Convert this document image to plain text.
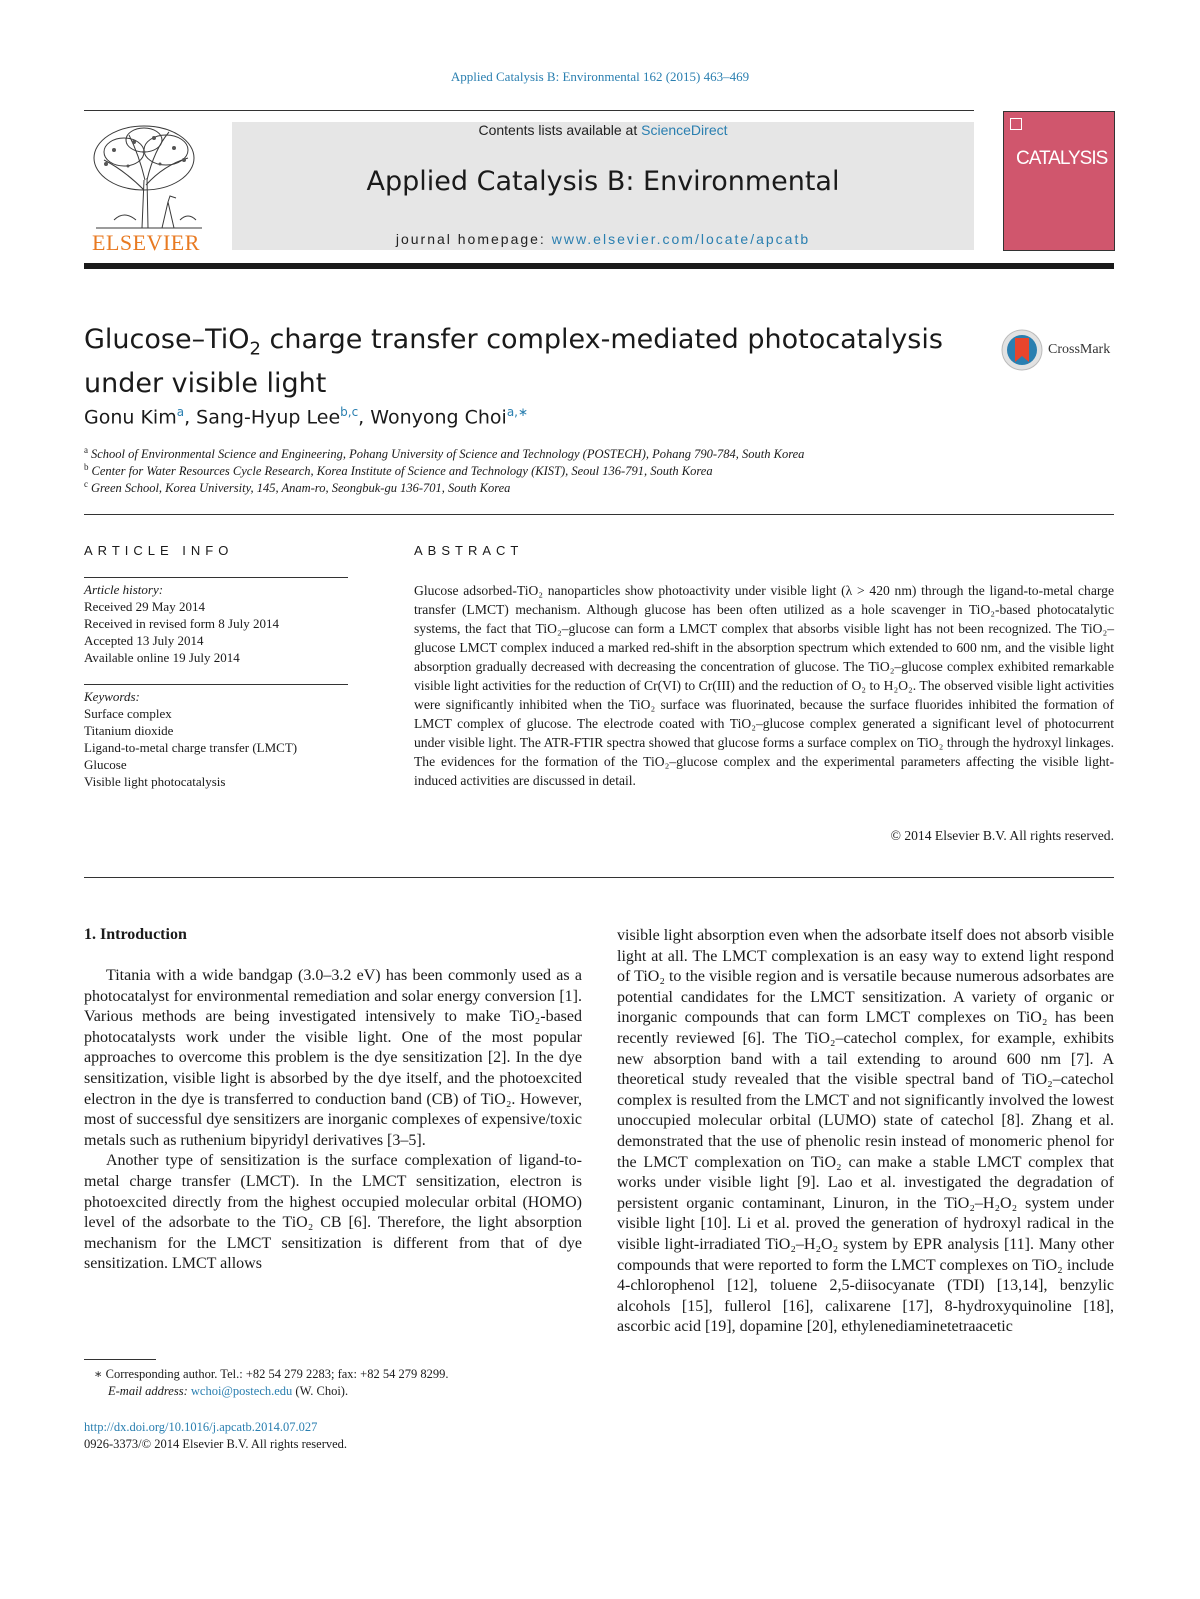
Applied Catalysis B: Environmental 162 (2015) 463–469
ELSEVIER
Contents lists available at ScienceDirect
Applied Catalysis B: Environmental
journal homepage: www.elsevier.com/locate/apcatb
CATALYSIS
Glucose–TiO$_2$ charge transfer complex-mediated photocatalysis
under visible light
CrossMark
Gonu Kim$^a$, Sang-Hyup Lee$^{b,c}$, Wonyong Choi$^{a,∗}$
$^a$ School of Environmental Science and Engineering, Pohang University of Science and Technology (POSTECH), Pohang 790-784, South Korea
$^b$ Center for Water Resources Cycle Research, Korea Institute of Science and Technology (KIST), Seoul 136-791, South Korea
$^c$ Green School, Korea University, 145, Anam-ro, Seongbuk-gu 136-701, South Korea
ARTICLE INFO
Article history:
Received 29 May 2014
Received in revised form 8 July 2014
Accepted 13 July 2014
Available online 19 July 2014
Keywords:
Surface complex
Titanium dioxide
Ligand-to-metal charge transfer (LMCT)
Glucose
Visible light photocatalysis
ABSTRACT
Glucose adsorbed-TiO₂ nanoparticles show photoactivity under visible light (λ > 420 nm) through the ligand-to-metal charge transfer (LMCT) mechanism. Although glucose has been often utilized as a hole scavenger in TiO₂-based photocatalytic systems, the fact that TiO₂–glucose can form a LMCT complex that absorbs visible light has not been recognized. The TiO₂–glucose LMCT complex induced a marked red-shift in the absorption spectrum which extended to 600 nm, and the visible light absorption gradually decreased with decreasing the concentration of glucose. The TiO₂–glucose complex exhibited remarkable visible light activities for the reduction of Cr(VI) to Cr(III) and the reduction of O₂ to H₂O₂. The observed visible light activities were significantly inhibited when the TiO₂ surface was fluorinated, because the surface fluorides inhibited the formation of LMCT complex of glucose. The electrode coated with TiO₂–glucose complex generated a significant level of photocurrent under visible light. The ATR-FTIR spectra showed that glucose forms a surface complex on TiO₂ through the hydroxyl linkages. The evidences for the formation of the TiO₂–glucose complex and the experimental parameters affecting the visible light-induced activities are discussed in detail.
© 2014 Elsevier B.V. All rights reserved.
1. Introduction

Titania with a wide bandgap (3.0–3.2 eV) has been commonly used as a photocatalyst for environmental remediation and solar energy conversion [1]. Various methods are being investigated intensively to make TiO₂-based photocatalysts work under the visible light. One of the most popular approaches to overcome this problem is the dye sensitization [2]. In the dye sensitization, visible light is absorbed by the dye itself, and the photoexcited electron in the dye is transferred to conduction band (CB) of TiO₂. However, most of successful dye sensitizers are inorganic complexes of expensive/toxic metals such as ruthenium bipyridyl derivatives [3–5].

Another type of sensitization is the surface complexation of ligand-to-metal charge transfer (LMCT). In the LMCT sensitization, electron is photoexcited directly from the highest occupied molecular orbital (HOMO) level of the adsorbate to the TiO₂ CB [6]. Therefore, the light absorption mechanism for the LMCT sensitization is different from that of dye sensitization. LMCT allows

visible light absorption even when the adsorbate itself does not absorb visible light at all. The LMCT complexation is an easy way to extend light respond of TiO₂ to the visible region and is versatile because numerous adsorbates are potential candidates for the LMCT sensitization. A variety of organic or inorganic compounds that can form LMCT complexes on TiO₂ has been recently reviewed [6]. The TiO₂–catechol complex, for example, exhibits new absorption band with a tail extending to around 600 nm [7]. A theoretical study revealed that the visible spectral band of TiO₂–catechol complex is resulted from the LMCT and not significantly involved the lowest unoccupied molecular orbital (LUMO) state of catechol [8]. Zhang et al. demonstrated that the use of phenolic resin instead of monomeric phenol for the LMCT complexation on TiO₂ can make a stable LMCT complex that works under visible light [9]. Lao et al. investigated the degradation of persistent organic contaminant, Linuron, in the TiO₂–H₂O₂ system under visible light [10]. Li et al. proved the generation of hydroxyl radical in the visible light-irradiated TiO₂–H₂O₂ system by EPR analysis [11]. Many other compounds that were reported to form the LMCT complexes on TiO₂ include 4-chlorophenol [12], toluene 2,5-diisocyanate (TDI) [13,14], benzylic alcohols [15], fullerol [16], calixarene [17], 8-hydroxyquinoline [18], ascorbic acid [19], dopamine [20], ethylenediaminetetraacetic

∗ Corresponding author. Tel.: +82 54 279 2283; fax: +82 54 279 8299.
E-mail address: wchoi@postech.edu (W. Choi).
http://dx.doi.org/10.1016/j.apcatb.2014.07.027
0926-3373/© 2014 Elsevier B.V. All rights reserved.
